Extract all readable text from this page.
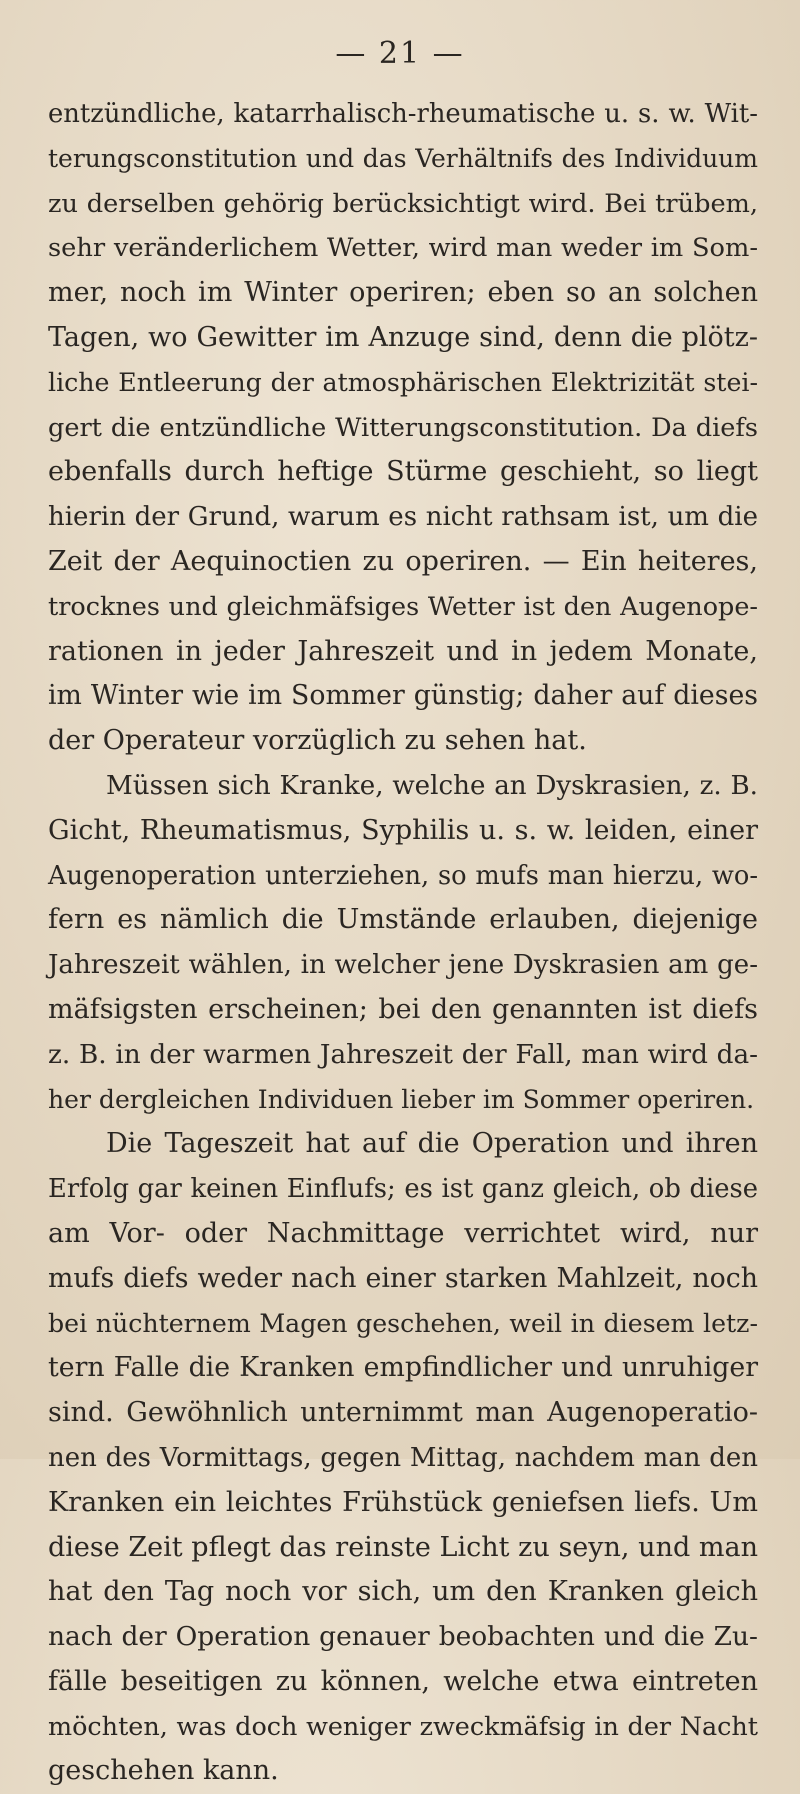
— 21 —
entzündliche, katarrhalisch-rheumatische u. s. w. Wit-
terungsconstitution und das Verhältnifs des Individuum
zu derselben gehörig berücksichtigt wird. Bei trübem,
sehr veränderlichem Wetter, wird man weder im Som-
mer, noch im Winter operiren; eben so an solchen
Tagen, wo Gewitter im Anzuge sind, denn die plötz-
liche Entleerung der atmosphärischen Elektrizität stei-
gert die entzündliche Witterungsconstitution. Da diefs
ebenfalls durch heftige Stürme geschieht, so liegt
hierin der Grund, warum es nicht rathsam ist, um die
Zeit der Aequinoctien zu operiren. — Ein heiteres,
trocknes und gleichmäfsiges Wetter ist den Augenope-
rationen in jeder Jahreszeit und in jedem Monate,
im Winter wie im Sommer günstig; daher auf dieses
der Operateur vorzüglich zu sehen hat.
Müssen sich Kranke, welche an Dyskrasien, z. B.
Gicht, Rheumatismus, Syphilis u. s. w. leiden, einer
Augenoperation unterziehen, so mufs man hierzu, wo-
fern es nämlich die Umstände erlauben, diejenige
Jahreszeit wählen, in welcher jene Dyskrasien am ge-
mäfsigsten erscheinen; bei den genannten ist diefs
z. B. in der warmen Jahreszeit der Fall, man wird da-
her dergleichen Individuen lieber im Sommer operiren.
Die Tageszeit hat auf die Operation und ihren
Erfolg gar keinen Einflufs; es ist ganz gleich, ob diese
am Vor- oder Nachmittage verrichtet wird, nur
mufs diefs weder nach einer starken Mahlzeit, noch
bei nüchternem Magen geschehen, weil in diesem letz-
tern Falle die Kranken empfindlicher und unruhiger
sind. Gewöhnlich unternimmt man Augenoperatio-
nen des Vormittags, gegen Mittag, nachdem man den
Kranken ein leichtes Frühstück geniefsen liefs. Um
diese Zeit pflegt das reinste Licht zu seyn, und man
hat den Tag noch vor sich, um den Kranken gleich
nach der Operation genauer beobachten und die Zu-
fälle beseitigen zu können, welche etwa eintreten
möchten, was doch weniger zweckmäfsig in der Nacht
geschehen kann.
